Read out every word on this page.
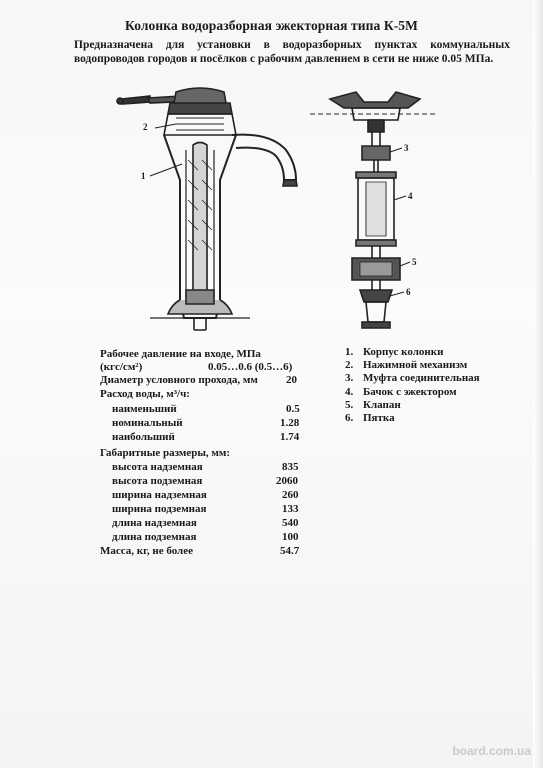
Колонка водоразборная эжекторная типа К-5М
Предназначена для установки в водоразборных пунктах коммунальных водопроводов городов и посёлков с рабочим давлением в сети не ниже 0.05 МПа.
2
1
3
4
5
6
Рабочее давление на входе, МПа
(кгс/см²)	0.05…0.6 (0.5…6)
Диаметр условного прохода, мм	20
Расход воды, м³/ч:
наименьший	0.5
номинальный	1.28
наибольший	1.74
Габаритные размеры, мм:
высота надземная	835
высота подземная	2060
ширина надземная	260
ширина подземная	133
длина надземная	540
длина подземная	100
Масса, кг, не более	54.7
1. Корпус колонки
2. Нажимной механизм
3. Муфта соединительная
4. Бачок с эжектором
5. Клапан
6. Пятка
board.com.ua
